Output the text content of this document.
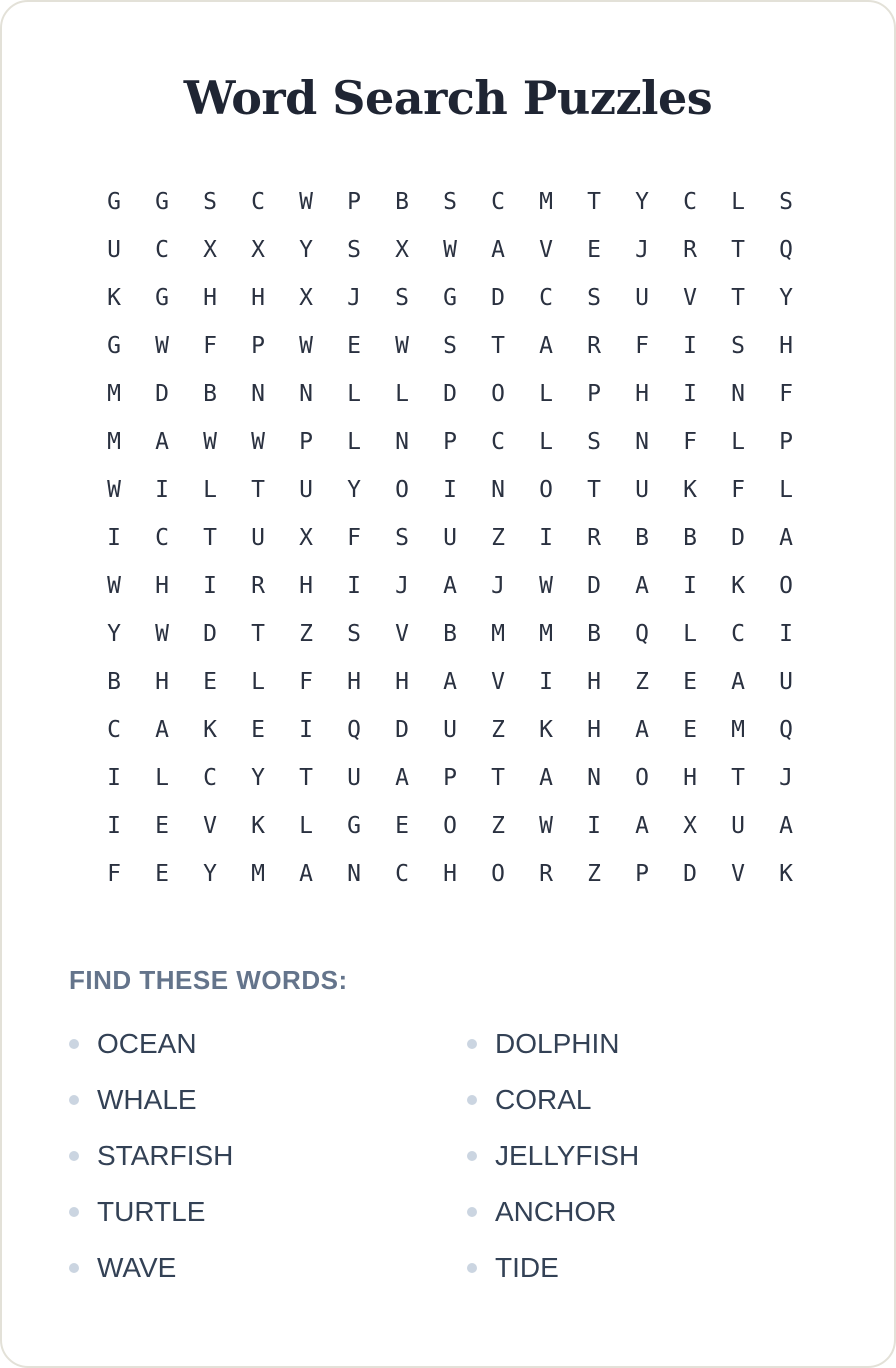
Word Search Puzzles
G	G	S	C	W	P	B	S	C	M	T	Y	C	L	S
U	C	X	X	Y	S	X	W	A	V	E	J	R	T	Q
K	G	H	H	X	J	S	G	D	C	S	U	V	T	Y
G	W	F	P	W	E	W	S	T	A	R	F	I	S	H
M	D	B	N	N	L	L	D	O	L	P	H	I	N	F
M	A	W	W	P	L	N	P	C	L	S	N	F	L	P
W	I	L	T	U	Y	O	I	N	O	T	U	K	F	L
I	C	T	U	X	F	S	U	Z	I	R	B	B	D	A
W	H	I	R	H	I	J	A	J	W	D	A	I	K	O
Y	W	D	T	Z	S	V	B	M	M	B	Q	L	C	I
B	H	E	L	F	H	H	A	V	I	H	Z	E	A	U
C	A	K	E	I	Q	D	U	Z	K	H	A	E	M	Q
I	L	C	Y	T	U	A	P	T	A	N	O	H	T	J
I	E	V	K	L	G	E	O	Z	W	I	A	X	U	A
F	E	Y	M	A	N	C	H	O	R	Z	P	D	V	K
FIND THESE WORDS:
OCEAN	DOLPHIN
WHALE	CORAL
STARFISH	JELLYFISH
TURTLE	ANCHOR
WAVE	TIDE
